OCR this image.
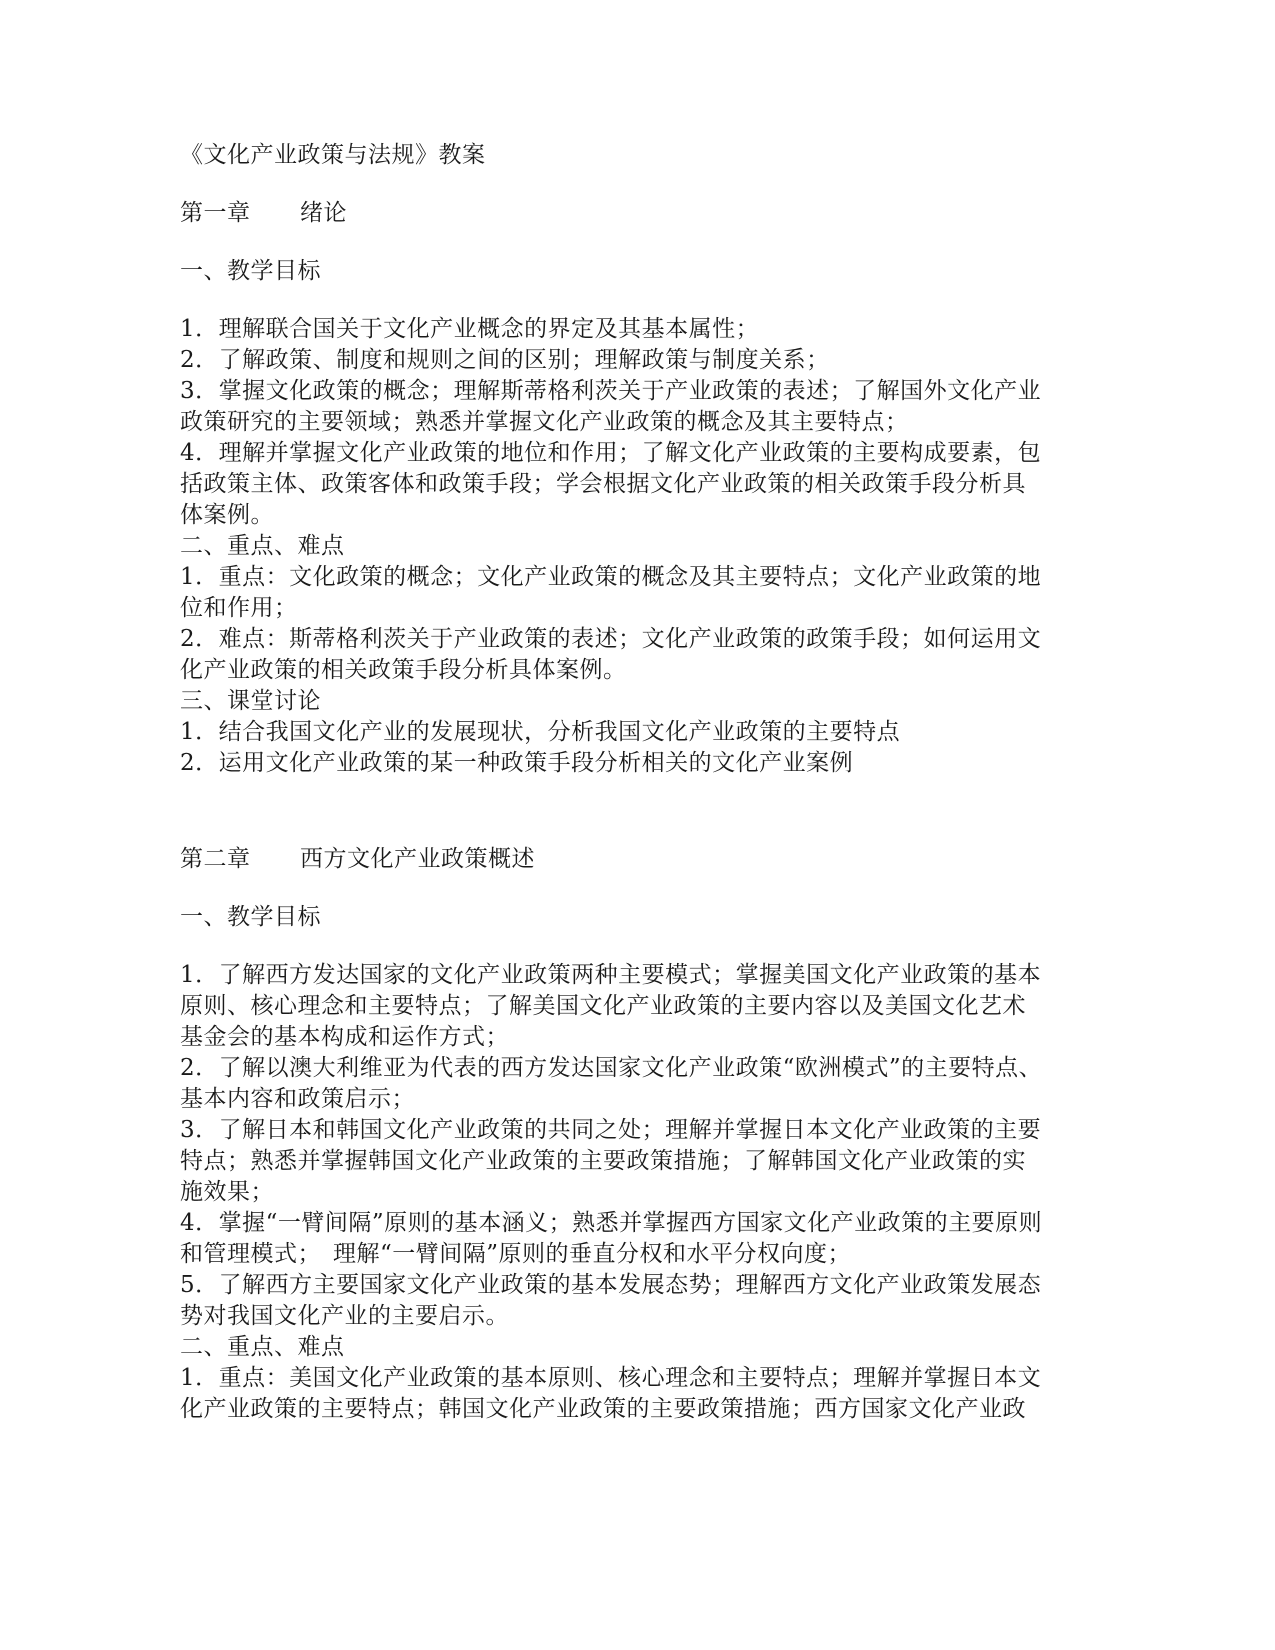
《文化产业政策与法规》教案
第一章 绪论
一、教学目标
1．理解联合国关于文化产业概念的界定及其基本属性；
2．了解政策、制度和规则之间的区别；理解政策与制度关系；
3．掌握文化政策的概念；理解斯蒂格利茨关于产业政策的表述；了解国外文化产业
政策研究的主要领域；熟悉并掌握文化产业政策的概念及其主要特点；
4．理解并掌握文化产业政策的地位和作用；了解文化产业政策的主要构成要素，包
括政策主体、政策客体和政策手段；学会根据文化产业政策的相关政策手段分析具
体案例。
二、重点、难点
1．重点：文化政策的概念；文化产业政策的概念及其主要特点；文化产业政策的地
位和作用；
2．难点：斯蒂格利茨关于产业政策的表述；文化产业政策的政策手段；如何运用文
化产业政策的相关政策手段分析具体案例。
三、课堂讨论
1．结合我国文化产业的发展现状，分析我国文化产业政策的主要特点
2．运用文化产业政策的某一种政策手段分析相关的文化产业案例
第二章 西方文化产业政策概述
一、教学目标
1．了解西方发达国家的文化产业政策两种主要模式；掌握美国文化产业政策的基本
原则、核心理念和主要特点；了解美国文化产业政策的主要内容以及美国文化艺术
基金会的基本构成和运作方式；
2．了解以澳大利维亚为代表的西方发达国家文化产业政策“欧洲模式”的主要特点、
基本内容和政策启示；
3．了解日本和韩国文化产业政策的共同之处；理解并掌握日本文化产业政策的主要
特点；熟悉并掌握韩国文化产业政策的主要政策措施；了解韩国文化产业政策的实
施效果；
4．掌握“一臂间隔”原则的基本涵义；熟悉并掌握西方国家文化产业政策的主要原则
和管理模式；　理解“一臂间隔”原则的垂直分权和水平分权向度；
5．了解西方主要国家文化产业政策的基本发展态势；理解西方文化产业政策发展态
势对我国文化产业的主要启示。
二、重点、难点
1．重点：美国文化产业政策的基本原则、核心理念和主要特点；理解并掌握日本文
化产业政策的主要特点；韩国文化产业政策的主要政策措施；西方国家文化产业政
